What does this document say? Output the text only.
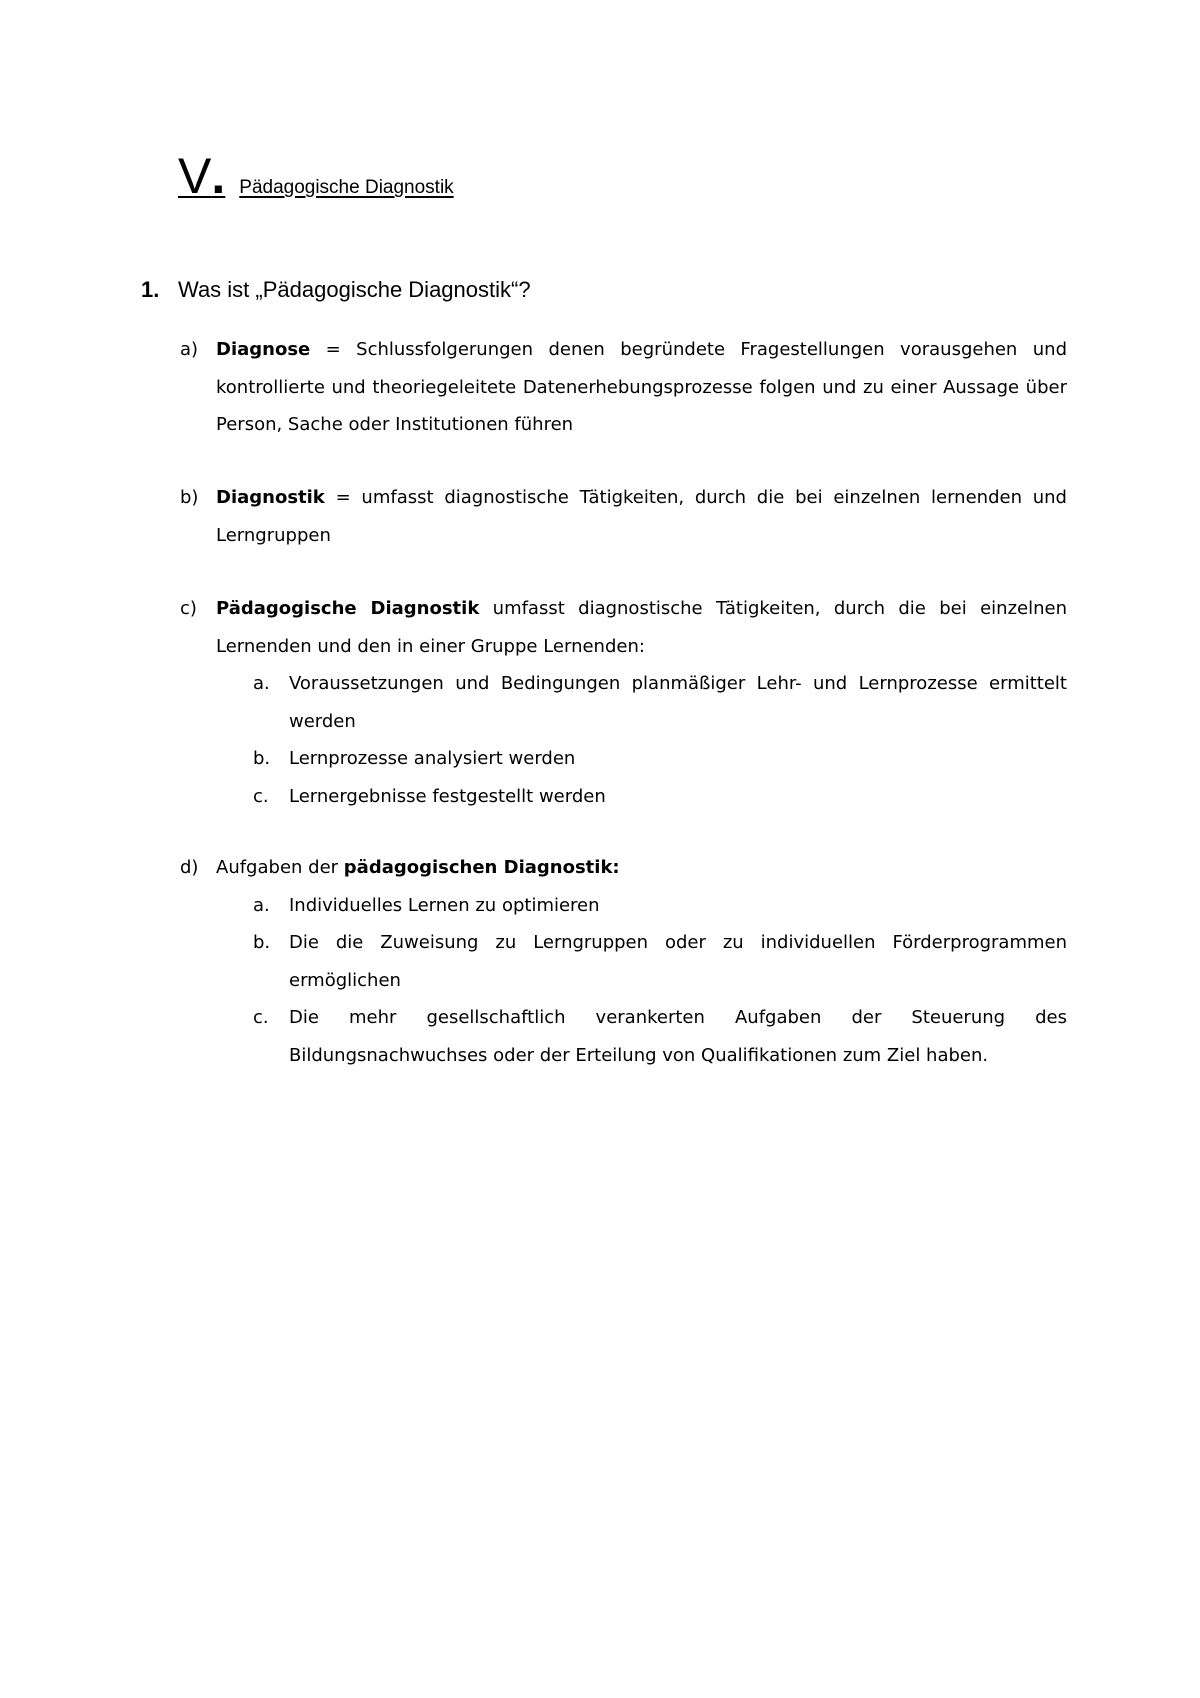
V . Pädagogische Diagnostik
1. Was ist „Pädagogische Diagnostik“?
a) Diagnose = Schlussfolgerungen denen begründete Fragestellungen vorausgehen und kontrollierte und theoriegeleitete Datenerhebungsprozesse folgen und zu einer Aussage über Person, Sache oder Institutionen führen
b) Diagnostik = umfasst diagnostische Tätigkeiten, durch die bei einzelnen lernenden und Lerngruppen
c) Pädagogische Diagnostik umfasst diagnostische Tätigkeiten, durch die bei einzelnen Lernenden und den in einer Gruppe Lernenden:
a. Voraussetzungen und Bedingungen planmäßiger Lehr- und Lernprozesse ermittelt werden
b. Lernprozesse analysiert werden
c. Lernergebnisse festgestellt werden
d) Aufgaben der pädagogischen Diagnostik:
a. Individuelles Lernen zu optimieren
b. Die die Zuweisung zu Lerngruppen oder zu individuellen Förderprogrammen ermöglichen
c. Die mehr gesellschaftlich verankerten Aufgaben der Steuerung des Bildungsnachwuchses oder der Erteilung von Qualifikationen zum Ziel haben.
